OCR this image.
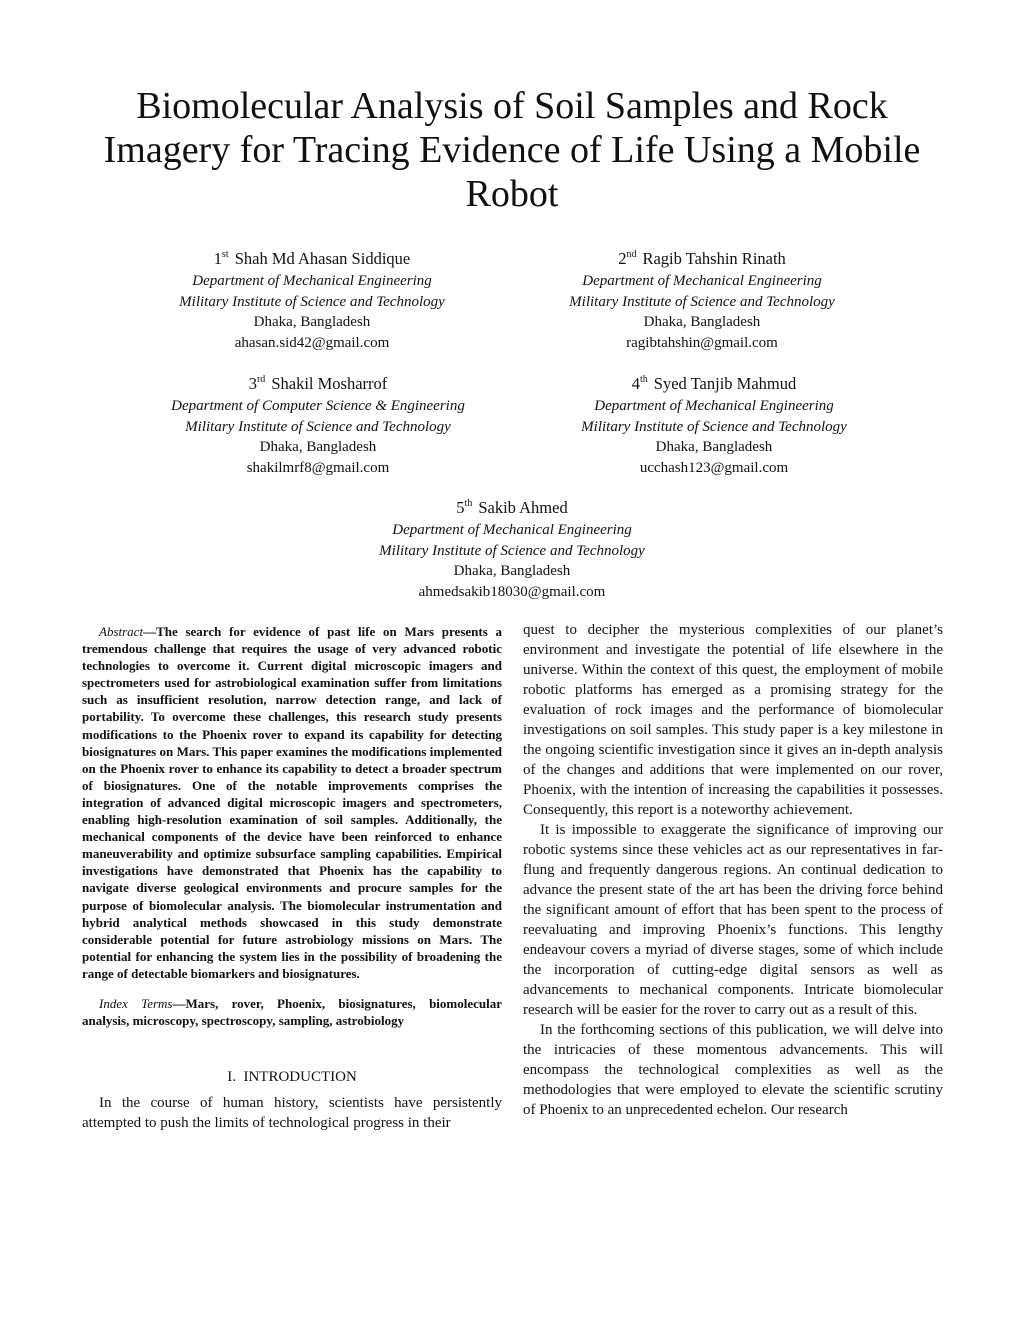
Biomolecular Analysis of Soil Samples and Rock Imagery for Tracing Evidence of Life Using a Mobile Robot
1st Shah Md Ahasan Siddique
Department of Mechanical Engineering
Military Institute of Science and Technology
Dhaka, Bangladesh
ahasan.sid42@gmail.com
2nd Ragib Tahshin Rinath
Department of Mechanical Engineering
Military Institute of Science and Technology
Dhaka, Bangladesh
ragibtahshin@gmail.com
3rd Shakil Mosharrof
Department of Computer Science & Engineering
Military Institute of Science and Technology
Dhaka, Bangladesh
shakilmrf8@gmail.com
4th Syed Tanjib Mahmud
Department of Mechanical Engineering
Military Institute of Science and Technology
Dhaka, Bangladesh
ucchash123@gmail.com
5th Sakib Ahmed
Department of Mechanical Engineering
Military Institute of Science and Technology
Dhaka, Bangladesh
ahmedsakib18030@gmail.com

Abstract—The search for evidence of past life on Mars presents a tremendous challenge that requires the usage of very advanced robotic technologies to overcome it. Current digital microscopic imagers and spectrometers used for astrobiological examination suffer from limitations such as insufficient resolution, narrow detection range, and lack of portability. To overcome these challenges, this research study presents modifications to the Phoenix rover to expand its capability for detecting biosignatures on Mars. This paper examines the modifications implemented on the Phoenix rover to enhance its capability to detect a broader spectrum of biosignatures. One of the notable improvements comprises the integration of advanced digital microscopic imagers and spectrometers, enabling high-resolution examination of soil samples. Additionally, the mechanical components of the device have been reinforced to enhance maneuverability and optimize subsurface sampling capabilities. Empirical investigations have demonstrated that Phoenix has the capability to navigate diverse geological environments and procure samples for the purpose of biomolecular analysis. The biomolecular instrumentation and hybrid analytical methods showcased in this study demonstrate considerable potential for future astrobiology missions on Mars. The potential for enhancing the system lies in the possibility of broadening the range of detectable biomarkers and biosignatures.

Index Terms—Mars, rover, Phoenix, biosignatures, biomolecular analysis, microscopy, spectroscopy, sampling, astrobiology

I. INTRODUCTION

In the course of human history, scientists have persistently attempted to push the limits of technological progress in their

quest to decipher the mysterious complexities of our planet’s environment and investigate the potential of life elsewhere in the universe. Within the context of this quest, the employment of mobile robotic platforms has emerged as a promising strategy for the evaluation of rock images and the performance of biomolecular investigations on soil samples. This study paper is a key milestone in the ongoing scientific investigation since it gives an in-depth analysis of the changes and additions that were implemented on our rover, Phoenix, with the intention of increasing the capabilities it possesses. Consequently, this report is a noteworthy achievement.

It is impossible to exaggerate the significance of improving our robotic systems since these vehicles act as our representatives in far-flung and frequently dangerous regions. An continual dedication to advance the present state of the art has been the driving force behind the significant amount of effort that has been spent to the process of reevaluating and improving Phoenix’s functions. This lengthy endeavour covers a myriad of diverse stages, some of which include the incorporation of cutting-edge digital sensors as well as advancements to mechanical components. Intricate biomolecular research will be easier for the rover to carry out as a result of this.

In the forthcoming sections of this publication, we will delve into the intricacies of these momentous advancements. This will encompass the technological complexities as well as the methodologies that were employed to elevate the scientific scrutiny of Phoenix to an unprecedented echelon. Our research
